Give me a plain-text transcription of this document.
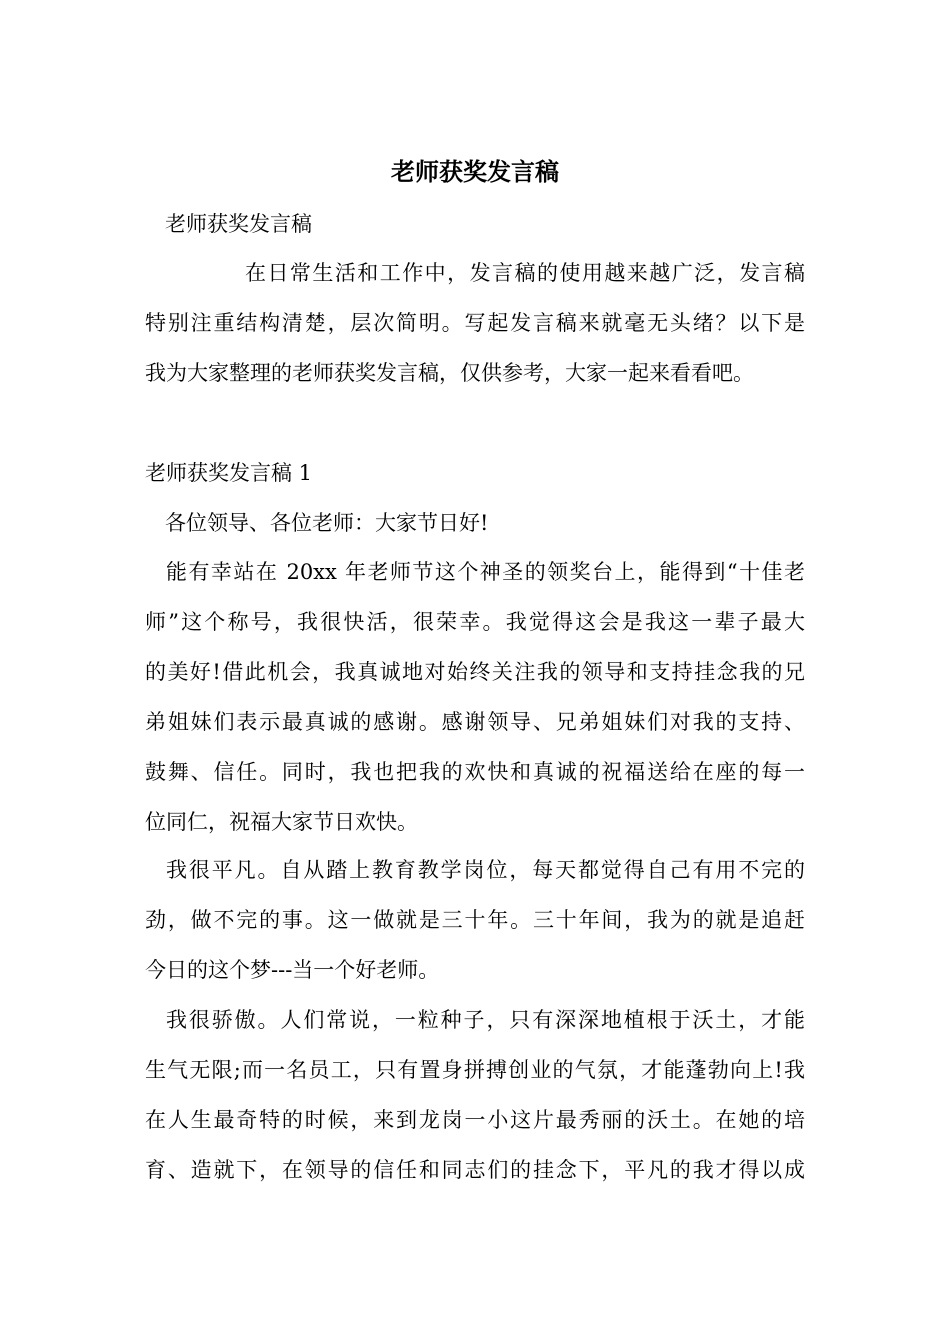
老师获奖发言稿
老师获奖发言稿
在日常生活和工作中，发言稿的使用越来越广泛，发言稿
特别注重结构清楚，层次简明。写起发言稿来就毫无头绪？以下是
我为大家整理的老师获奖发言稿，仅供参考，大家一起来看看吧。
老师获奖发言稿 1
各位领导、各位老师：大家节日好!
能有幸站在 20xx 年老师节这个神圣的领奖台上，能得到“十佳老
师”这个称号，我很快活，很荣幸。我觉得这会是我这一辈子最大
的美好!借此机会，我真诚地对始终关注我的领导和支持挂念我的兄
弟姐妹们表示最真诚的感谢。感谢领导、兄弟姐妹们对我的支持、
鼓舞、信任。同时，我也把我的欢快和真诚的祝福送给在座的每一
位同仁，祝福大家节日欢快。
我很平凡。自从踏上教育教学岗位，每天都觉得自己有用不完的
劲，做不完的事。这一做就是三十年。三十年间，我为的就是追赶
今日的这个梦---当一个好老师。
我很骄傲。人们常说，一粒种子，只有深深地植根于沃土，才能
生气无限;而一名员工，只有置身拼搏创业的气氛，才能蓬勃向上!我
在人生最奇特的时候，来到龙岗一小这片最秀丽的沃土。在她的培
育、造就下，在领导的信任和同志们的挂念下，平凡的我才得以成
